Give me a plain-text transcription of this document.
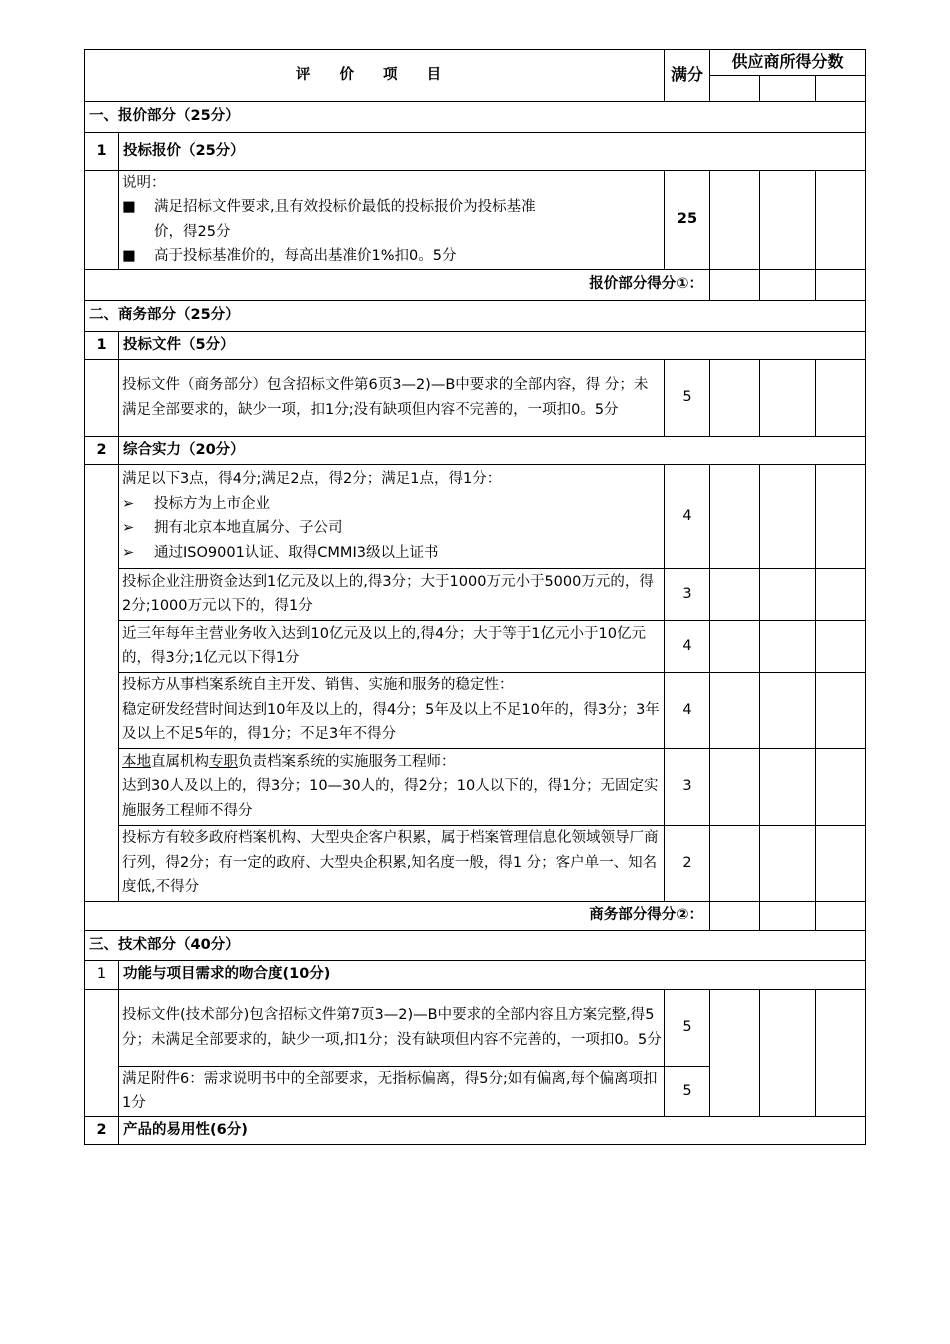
评 价 项 目		满分	供应商所得分数		

一、报价部分（25分）					
1	投标报价（25分）				

	说明：
■ 满足招标文件要求,且有效投标价最低的投标报价为投标基准
价，得25分
■ 高于投标基准价的，每高出基准价1%扣0。5分	25			
报价部分得分①：					
二、商务部分（25分）					
1	投标文件（5分）				
	投标文件（商务部分）包含招标文件第6页3—2)—B中要求的全部内容，得 分；未满足全部要求的，缺少一项，扣1分;没有缺项但内容不完善的，一项扣0。5分	5			
2	综合实力（20分）				

	满足以下3点，得4分;满足2点，得2分；满足1点，得1分：
➢ 投标方为上市企业
➢ 拥有北京本地直属分、子公司
➢ 通过ISO9001认证、取得CMMI3级以上证书	4			
	投标企业注册资金达到1亿元及以上的,得3分；大于1000万元小于5000万元的，得2分;1000万元以下的，得1分	3			
	近三年每年主营业务收入达到10亿元及以上的,得4分；大于等于1亿元小于10亿元的，得3分;1亿元以下得1分	4			

	投标方从事档案系统自主开发、销售、实施和服务的稳定性：
稳定研发经营时间达到10年及以上的，得4分；5年及以上不足10年的，得3分；3年及以上不足5年的，得1分；不足3年不得分	4			

	本地直属机构专职负责档案系统的实施服务工程师：
达到30人及以上的，得3分；10—30人的，得2分；10人以下的，得1分；无固定实施服务工程师不得分	3			
	投标方有较多政府档案机构、大型央企客户积累，属于档案管理信息化领域领导厂商行列，得2分；有一定的政府、大型央企积累,知名度一般，得1 分；客户单一、知名度低,不得分	2			
商务部分得分②：					
三、技术部分（40分）					
1	功能与项目需求的吻合度(10分)				
	投标文件(技术部分)包含招标文件第7页3—2)—B中要求的全部内容且方案完整,得5分；未满足全部要求的，缺少一项,扣1分；没有缺项但内容不完善的，一项扣0。5分	5			
	满足附件6：需求说明书中的全部要求，无指标偏离，得5分;如有偏离,每个偏离项扣1分	5			
2	产品的易用性(6分)				
